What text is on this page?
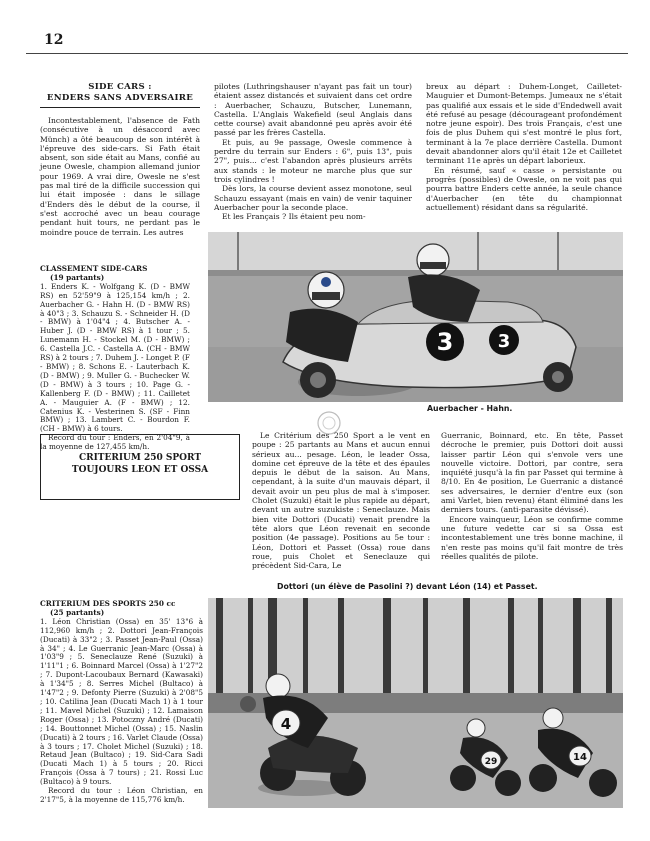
12
SIDE CARS :
ENDERS SANS ADVERSAIRE

Incontestablement, l'absence de Fath (consécutive à un désaccord avec Münch) a ôté beaucoup de son intérêt à l'épreuve des side-cars. Si Fath était absent, son side était au Mans, confié au jeune Owesle, champion allemand junior pour 1969. A vrai dire, Owesle ne s'est pas mal tiré de la difficile succession qui lui était imposée : dans le sillage d'Enders dès le début de la course, il s'est accroché avec un beau courage pendant huit tours, ne perdant pas le moindre pouce de terrain. Les autres

pilotes (Luthringshauser n'ayant pas fait un tour) étaient assez distancés et suivaient dans cet ordre : Auerbacher, Schauzu, Butscher, Lunemann, Castella. L'Anglais Wakefield (seul Anglais dans cette course) avait abandonné peu après avoir été passé par les frères Castella.

Et puis, au 9e passage, Owesle commence à perdre du terrain sur Enders : 6", puis 13", puis 27", puis... c'est l'abandon après plusieurs arrêts aux stands : le moteur ne marche plus que sur trois cylindres !

Dès lors, la course devient assez monotone, seul Schauzu essayant (mais en vain) de venir taquiner Auerbacher pour la seconde place.

Et les Français ? Ils étaient peu nom-

breux au départ : Duhem-Longet, Cailletet-Mauguier et Dumont-Betemps. Jumeaux ne s'était pas qualifié aux essais et le side d'Endedwell avait été refusé au pesage (décourageant profondément notre jeune espoir). Des trois Français, c'est une fois de plus Duhem qui s'est montré le plus fort, terminant à la 7e place derrière Castella. Dumont devait abandonner alors qu'il était 12e et Cailletet terminant 11e après un départ laborieux.

En résumé, sauf « casse » persistante ou progrès (possibles) de Owesle, on ne voit pas qui pourra battre Enders cette année, la seule chance d'Auerbacher (en tête du championnat actuellement) résidant dans sa régularité.

CLASSEMENT SIDE-CARS

(19 partants)

1. Enders K. - Wolfgang K. (D - BMW RS) en 52'59"9 à 125,154 km/h ; 2. Auerbacher G. - Hahn H. (D - BMW RS) à 40"3 ; 3. Schauzu S. - Schneider H. (D - BMW) à 1'04"4 ; 4. Butscher A. - Huber J. (D - BMW RS) à 1 tour ; 5. Lunemann H. - Stockel M. (D - BMW) ; 6. Castella J.C. - Castella A. (CH - BMW RS) à 2 tours ; 7. Duhem J. - Longet P. (F - BMW) ; 8. Schons E. - Lauterbach K. (D - BMW) ; 9. Muller G. - Buchecker W. (D - BMW) à 3 tours ; 10. Page G. - Kallenberg F. (D - BMW) ; 11. Cailletet A. - Mauguier A. (F - BMW) ; 12. Catenius K. - Vesterinen S. (SF - Finn BMW) ; 13. Lambert C. - Bourdon F. (CH - BMW) à 6 tours.

Record du tour : Enders, en 2'04"9, à la moyenne de 127,455 km/h.

3 3
Auerbacher - Hahn.
CRITERIUM 250 SPORT
TOUJOURS LEON ET OSSA

Le Critérium des 250 Sport a le vent en poupe : 25 partants au Mans et aucun ennui sérieux au... pesage. Léon, le leader Ossa, domine cet épreuve de la tête et des épaules depuis le début de la saison. Au Mans, cependant, à la suite d'un mauvais départ, il devait avoir un peu plus de mal à s'imposer. Cholet (Suzuki) était le plus rapide au départ, devant un autre suzukiste : Seneclauze. Mais bien vite Dottori (Ducati) venait prendre la tête alors que Léon revenait en seconde position (4e passage). Positions au 5e tour : Léon, Dottori et Passet (Ossa) roue dans roue, puis Cholet et Seneclauze qui précèdent Sid-Cara, Le

Guerranic, Boinnard, etc. En tête, Passet décroche le premier, puis Dottori doit aussi laisser partir Léon qui s'envole vers une nouvelle victoire. Dottori, par contre, sera inquiété jusqu'à la fin par Passet qui termine à 8/10. En 4e position, Le Guerranic a distancé ses adversaires, le dernier d'entre eux (son ami Varlet, bien revenu) étant éliminé dans les derniers tours. (anti-parasite dévissé).

Encore vainqueur, Léon se confirme comme une future vedette car si sa Ossa est incontestablement une très bonne machine, il n'en reste pas moins qu'il fait montre de très réelles qualités de pilote.

Dottori (un élève de Pasolini ?) devant Léon (14) et Passet.

CRITERIUM DES SPORTS 250 cc

(25 partants)

1. Léon Christian (Ossa) en 35' 13"6 à 112,960 km/h ; 2. Dottori Jean-François (Ducati) à 33"2 ; 3. Passet Jean-Paul (Ossa) à 34" ; 4. Le Guerranic Jean-Marc (Ossa) à 1'03"9 ; 5. Seneclauze René (Suzuki) à 1'11"1 ; 6. Boinnard Marcel (Ossa) à 1'27"2 ; 7. Dupont-Lacoubaux Bernard (Kawasaki) à 1'34"5 ; 8. Serres Michel (Bultaco) à 1'47"2 ; 9. Defonty Pierre (Suzuki) à 2'08"5 ; 10. Catilina Jean (Ducati Mach 1) à 1 tour ; 11. Mavel Michel (Suzuki) ; 12. Lamaison Roger (Ossa) ; 13. Potoczny André (Ducati) ; 14. Bouttonnet Michel (Ossa) ; 15. Naslin (Ducati) à 2 tours ; 16. Varlet Claude (Ossa) à 3 tours ; 17. Cholet Michel (Suzuki) ; 18. Retaud Jean (Bultaco) ; 19. Sid-Cara Sadi (Ducati Mach 1) à 5 tours ; 20. Ricci François (Ossa à 7 tours) ; 21. Rossi Luc (Bultaco) à 9 tours.

Record du tour : Léon Christian, en 2'17"5, à la moyenne de 115,776 km/h.

4
29	14
